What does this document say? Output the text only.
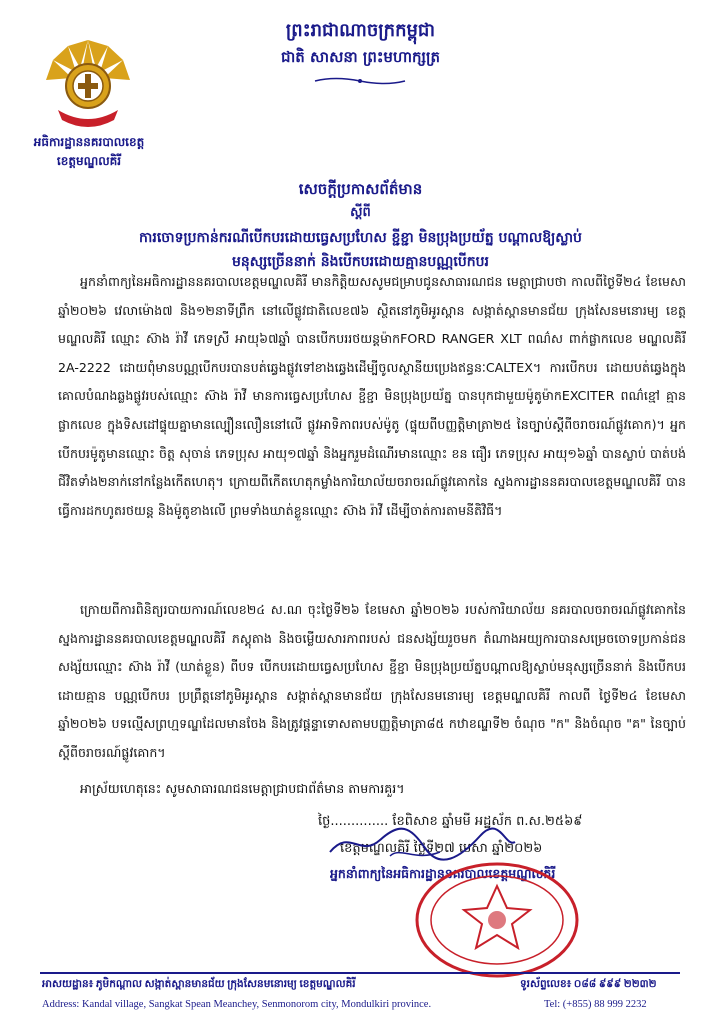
ព្រះរាជាណាចក្រកម្ពុជា
ជាតិ សាសនា ព្រះមហាក្សត្រ
អធិការដ្ឋាននគរបាលខេត្ត
ខេត្តមណ្ឌលគិរី
សេចក្តីប្រកាសព័ត៌មាន
ស្តីពី
ការចោទប្រកាន់ករណីបើកបរដោយធ្វេសប្រហែស ខ្ជីខ្ជា មិនប្រុងប្រយ័ត្ន បណ្តាលឱ្យស្លាប់
មនុស្សច្រើននាក់ និងបើកបរដោយគ្មានបណ្ណបើកបរ
អ្នកនាំពាក្យនៃអធិការដ្ឋាននគរបាលខេត្តមណ្ឌលគិរី មានកិត្តិយសសូមជម្រាបជូនសាធារណជន មេត្តាជ្រាបថា កាលពីថ្ងៃទី២៤ ខែមេសា ឆ្នាំ២០២៦ វេលាម៉ោង៧ និង១២នាទីព្រឹក នៅលើផ្លូវជាតិលេខ៧៦ ស្ថិតនៅភូមិអូរស្ពាន សង្កាត់ស្ពានមានជ័យ ក្រុងសែនមនោរម្យ ខេត្តមណ្ឌលគិរី ឈ្មោះ ស៊ាង រ៉ាវី ភេទស្រី អាយុ៦៧ឆ្នាំ បានបើកបររថយន្តម៉ាកFORD RANGER XLT ពណ៌ស ពាក់ផ្លាកលេខ មណ្ឌលគិរី 2A-2222 ដោយពុំមានបណ្ណបើកបរបានបត់ឆ្វេងផ្លូវទៅខាងឆ្វេងដើម្បីចូលស្ថានីយប្រេងឥន្ធនៈCALTEX។ ការបើកបរ ដោយបត់ឆ្វេងក្នុងគោលបំណងឆ្លងផ្លូវរបស់ឈ្មោះ ស៊ាង រ៉ាវី មានការធ្វេសប្រហែស ខ្ជីខ្ជា មិនប្រុងប្រយ័ត្ន បានបុកជាមួយម៉ូតូម៉ាកEXCITER ពណ៌ខ្មៅ គ្មានផ្លាកលេខ ក្នុងទិសដៅផ្ទុយគ្នាមានល្បឿនលឿននៅលើ ផ្លូវអាទិភាពរបស់ម៉ូតូ (ផ្ទុយពីបញ្ញត្តិមាត្រា២៥ នៃច្បាប់ស្តីពីចរាចរណ៍ផ្លូវគោក)។ អ្នកបើកបរម៉ូតូមានឈ្មោះ ចិត្ត សុចាន់ ភេទប្រុស អាយុ១៧ឆ្នាំ និងអ្នករួមដំណើរមានឈ្មោះ ខន ធឿរ ភេទប្រុស អាយុ១៦ឆ្នាំ បានស្លាប់ បាត់បង់ជីវិតទាំង២នាក់នៅកន្លែងកើតហេតុ។ ក្រោយពីកើតហេតុកម្លាំងការិយាល័យចរាចរណ៍ផ្លូវគោកនៃ ស្នងការដ្ឋាននគរបាលខេត្តមណ្ឌលគិរី បានធ្វើការដកហូតរថយន្ត និងម៉ូតូខាងលើ ព្រមទាំងឃាត់ខ្លួនឈ្មោះ ស៊ាង រ៉ាវី ដើម្បីចាត់ការតាមនីតិវិធី។
ក្រោយពីការពិនិត្យរបាយការណ៍លេខ២៤ ស.ណ ចុះថ្ងៃទី២៦ ខែមេសា ឆ្នាំ២០២៦ របស់ការិយាល័យ នគរបាលចរាចរណ៍ផ្លូវគោកនៃស្នងការដ្ឋាននគរបាលខេត្តមណ្ឌលគិរី ភស្តុតាង និងចម្លើយសារភាពរបស់ ជនសង្ស័យរួចមក តំណាងអយ្យការបានសម្រេចចោទប្រកាន់ជនសង្ស័យឈ្មោះ ស៊ាង រ៉ាវី (ឃាត់ខ្លួន) ពីបទ បើកបរដោយធ្វេសប្រហែស ខ្ជីខ្ជា មិនប្រុងប្រយ័ត្នបណ្តាលឱ្យស្លាប់មនុស្សច្រើននាក់ និងបើកបរដោយគ្មាន បណ្ណបើកបរ ប្រព្រឹត្តនៅភូមិអូរស្ពាន សង្កាត់ស្ពានមានជ័យ ក្រុងសែនមនោរម្យ ខេត្តមណ្ឌលគិរី កាលពី ថ្ងៃទី២៤ ខែមេសា ឆ្នាំ២០២៦ បទល្មើសព្រហ្មទណ្ឌដែលមានចែង និងត្រូវផ្តន្ទាទោសតាមបញ្ញត្តិមាត្រា៨៥ កឋាខណ្ឌទី២ ចំណុច "ក" និងចំណុច "គ" នៃច្បាប់ស្តីពីចរាចរណ៍ផ្លូវគោក។
អាស្រ័យហេតុនេះ សូមសាធារណជនមេត្តាជ្រាបជាព័ត៌មាន តាមការគួរ។
ថ្ងៃ.............. ខែពិសាខ ឆ្នាំមមី អដ្ឋស័ក ព.ស.២៥៦៩
ខេត្តមណ្ឌលគិរី ថ្ងៃទី២៧ មេសា ឆ្នាំ២០២៦
អ្នកនាំពាក្យនៃអធិការដ្ឋាននគរបាលខេត្តមណ្ឌលគិរី
អាសយដ្ឋាន៖ ភូមិកណ្តាល សង្កាត់ស្ពានមានជ័យ ក្រុងសែនមនោរម្យ ខេត្តមណ្ឌលគិរី
Address: Kandal village, Sangkat Spean Meanchey, Senmonorom city, Mondulkiri province.
ទូរស័ព្ទលេខ៖ ០៨៨ ៩៩៩ ២២៣២
Tel: (+855) 88 999 2232
